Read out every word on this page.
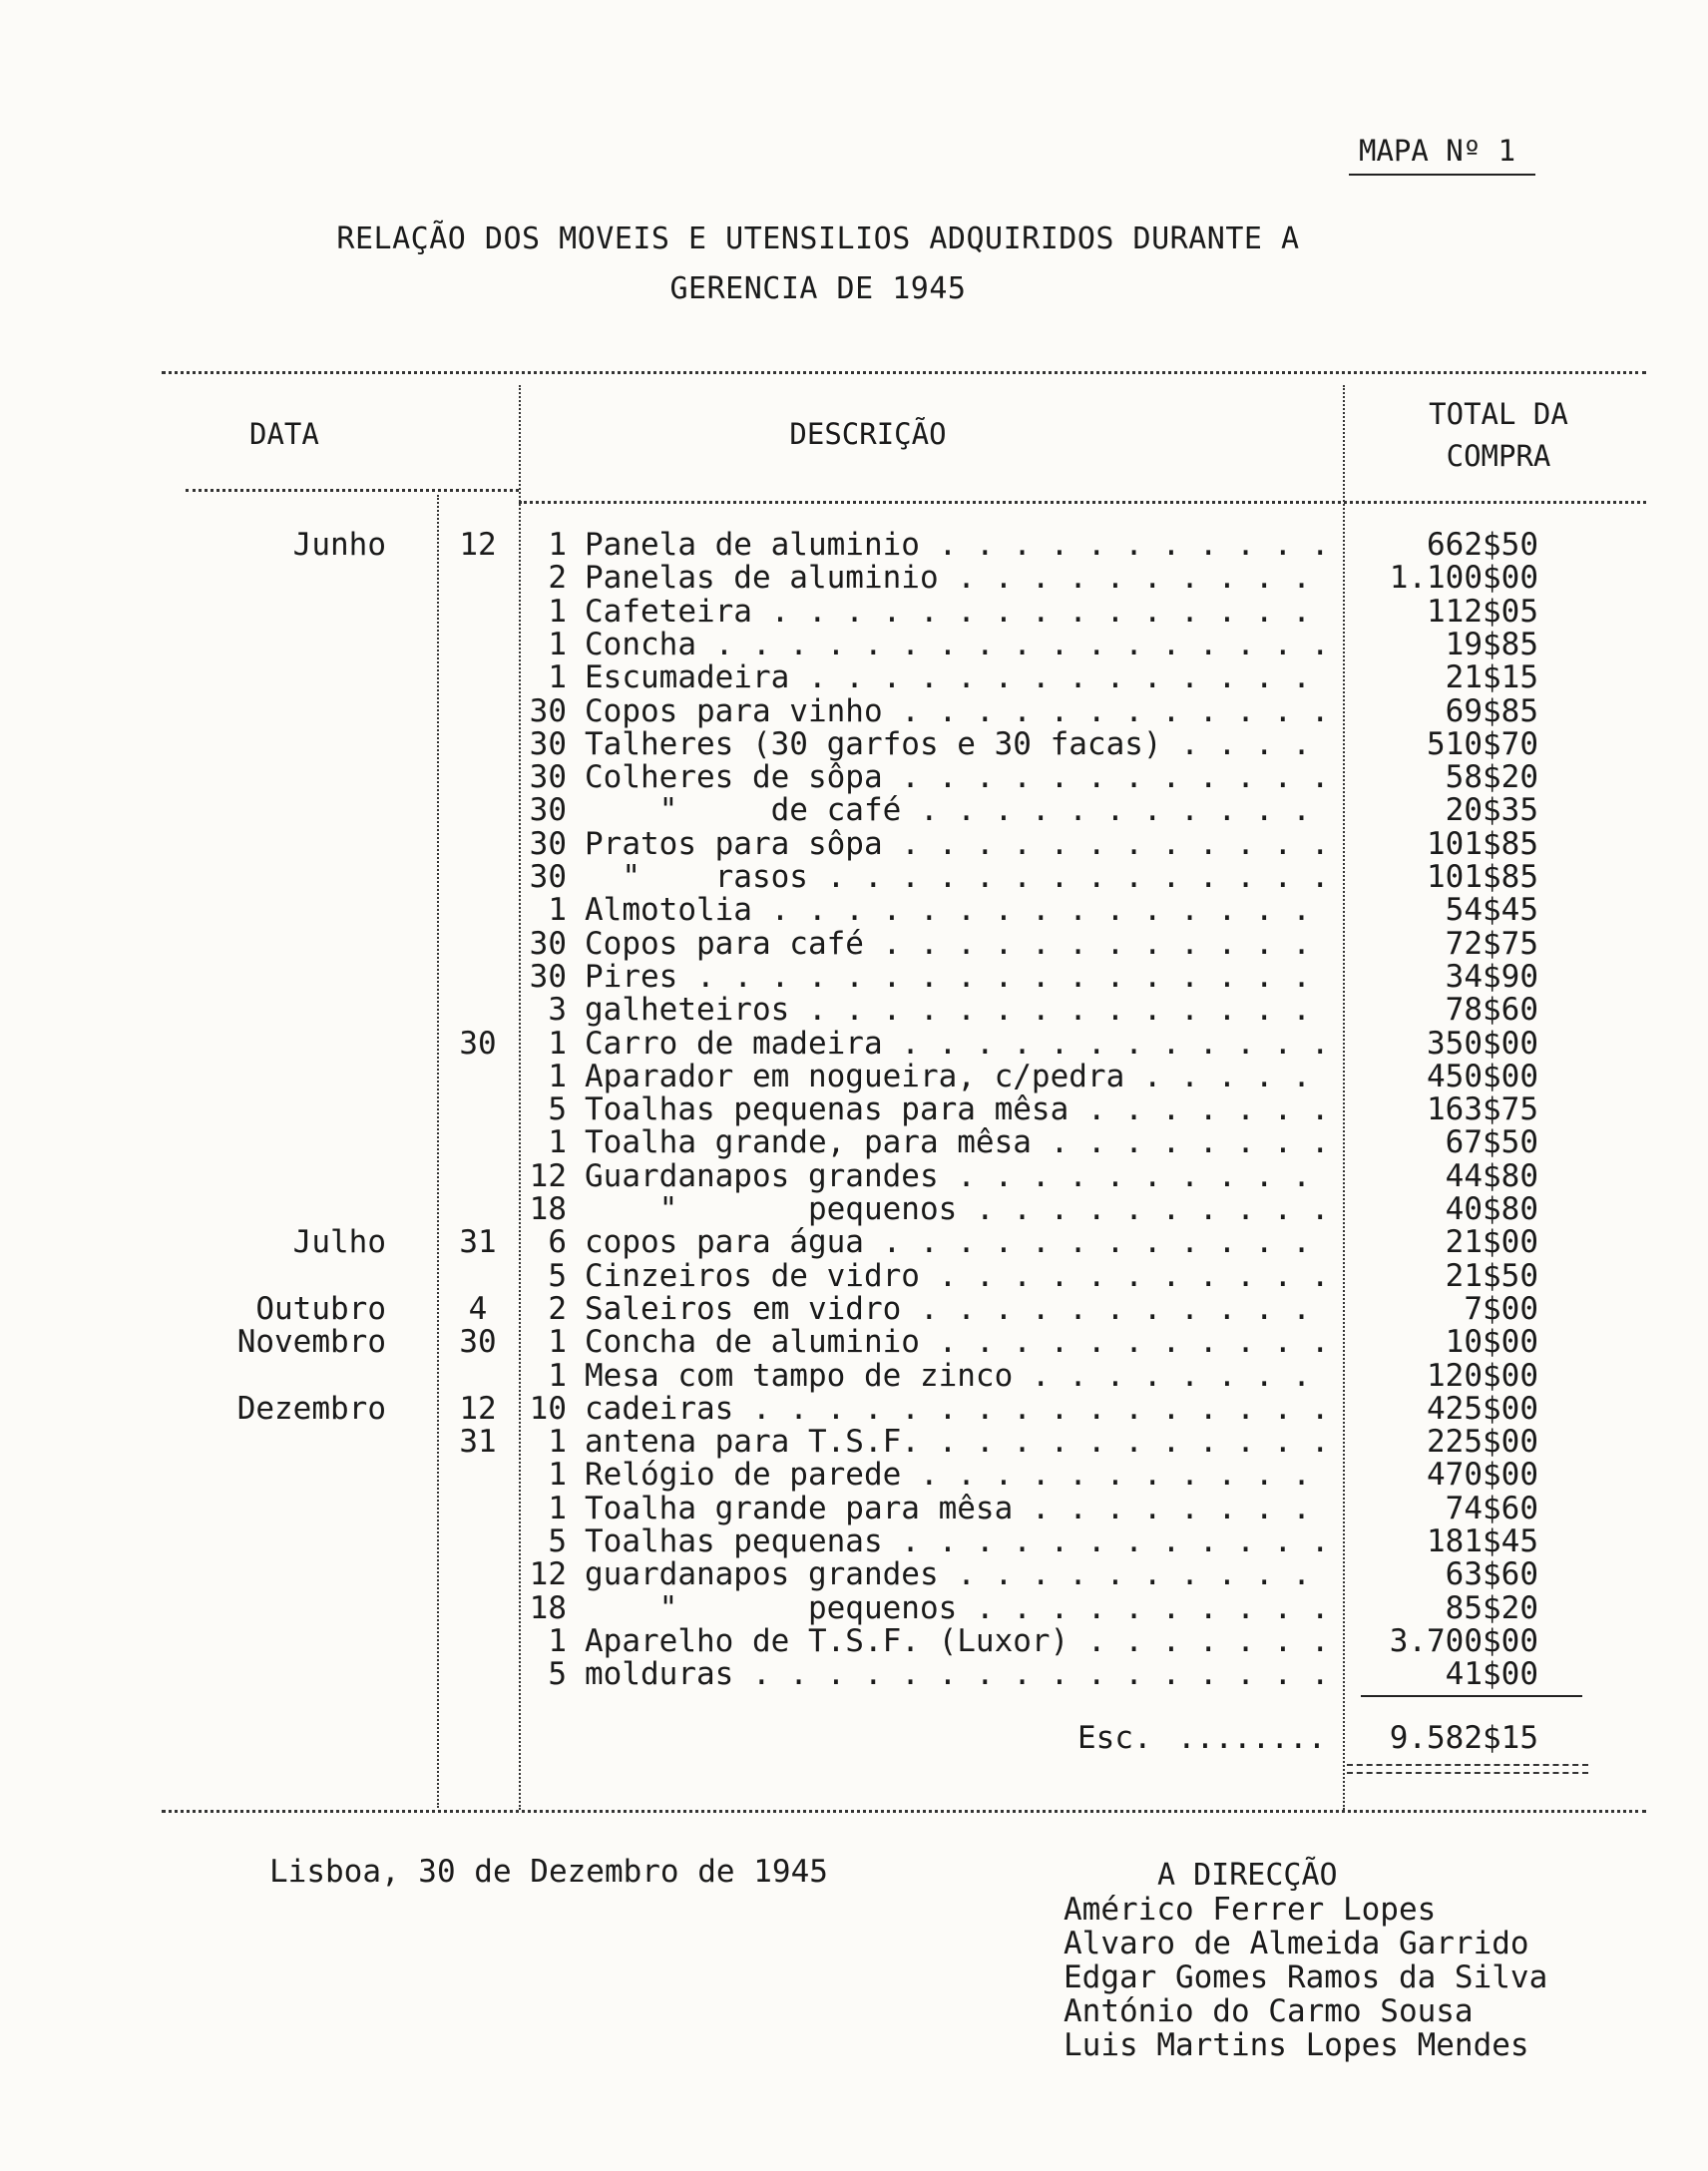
MAPA Nº 1
RELAÇÃO DOS MOVEIS E UTENSILIOS ADQUIRIDOS DURANTE A
GERENCIA DE 1945
DATA	DESCRIÇÃO
TOTAL DA
COMPRA
Junho	12	1 Panela de aluminio . . .	662$50
2 Panelas de aluminio . . .	1.100$00
1 Cafeteira . . .	112$05
1 Concha . . .	19$85
1 Escumadeira . . .	21$15
30 Copos para vinho . . .	69$85
30 Talheres (30 garfos e 30 facas) . . .	510$70
30 Colheres de sôpa . . .	58$20
30 "     de café . . .	20$35
30 Pratos para sôpa . . .	101$85
30 "    rasos . . .	101$85
1 Almotolia . . .	54$45
30 Copos para café . . .	72$75
30 Pires . . .	34$90
3 galheteiros . . .	78$60
30	1 Carro de madeira . . .	350$00
1 Aparador em nogueira, c/pedra . . .	450$00
5 Toalhas pequenas para mêsa . . .	163$75
1 Toalha grande, para mêsa . . .	67$50
12 Guardanapos grandes . . .	44$80
18 "       pequenos . . .	40$80
Julho	31	6 copos para água . . .	21$00
5 Cinzeiros de vidro . . .	21$50
Outubro	4	2 Saleiros em vidro . . .	7$00
Novembro	30	1 Concha de aluminio . . .	10$00
1 Mesa com tampo de zinco . . .	120$00
Dezembro	12	10 cadeiras . . .	425$00
31	1 antena para T.S.F. . . .	225$00
1 Relógio de parede . . .	470$00
1 Toalha grande para mêsa . . .	74$60
5 Toalhas pequenas . . .	181$45
12 guardanapos grandes . . .	63$60
18 "       pequenos . . .	85$20
1 Aparelho de T.S.F. (Luxor) . . .	3.700$00
5 molduras . . .	41$00
Esc. ........ 9.582$15
Lisboa, 30 de Dezembro de 1945	A DIRECÇÃO
Américo Ferrer Lopes
Alvaro de Almeida Garrido
Edgar Gomes Ramos da Silva
António do Carmo Sousa
Luis Martins Lopes Mendes
